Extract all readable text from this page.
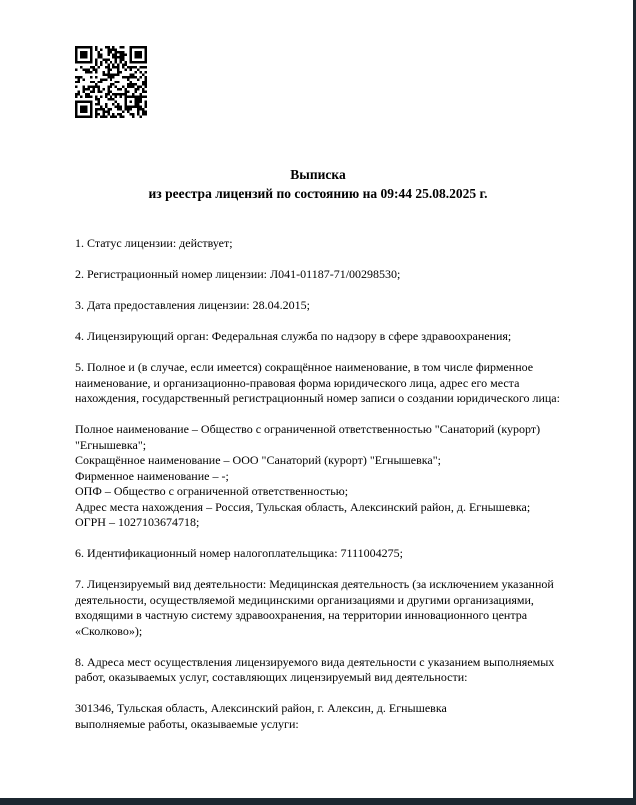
Выписка
из реестра лицензий по состоянию на 09:44 25.08.2025 г.

1. Статус лицензии: действует;

2. Регистрационный номер лицензии: Л041-01187-71/00298530;

3. Дата предоставления лицензии: 28.04.2015;

4. Лицензирующий орган: Федеральная служба по надзору в сфере здравоохранения;

5. Полное и (в случае, если имеется) сокращённое наименование, в том числе фирменное наименование, и организационно-правовая форма юридического лица, адрес его места нахождения, государственный регистрационный номер записи о создании юридического лица:

Полное наименование – Общество с ограниченной ответственностью "Санаторий (курорт) "Егнышевка";
Сокращённое наименование – ООО "Санаторий (курорт) "Егнышевка";
Фирменное наименование – -;
ОПФ – Общество с ограниченной ответственностью;
Адрес места нахождения – Россия, Тульская область, Алексинский район, д. Егнышевка;
ОГРН – 1027103674718;

6. Идентификационный номер налогоплательщика: 7111004275;

7. Лицензируемый вид деятельности: Медицинская деятельность (за исключением указанной деятельности, осуществляемой медицинскими организациями и другими организациями, входящими в частную систему здравоохранения, на территории инновационного центра «Сколково»);

8. Адреса мест осуществления лицензируемого вида деятельности с указанием выполняемых работ, оказываемых услуг, составляющих лицензируемый вид деятельности:

301346, Тульская область, Алексинский район, г. Алексин, д. Егнышевка
выполняемые работы, оказываемые услуги:
